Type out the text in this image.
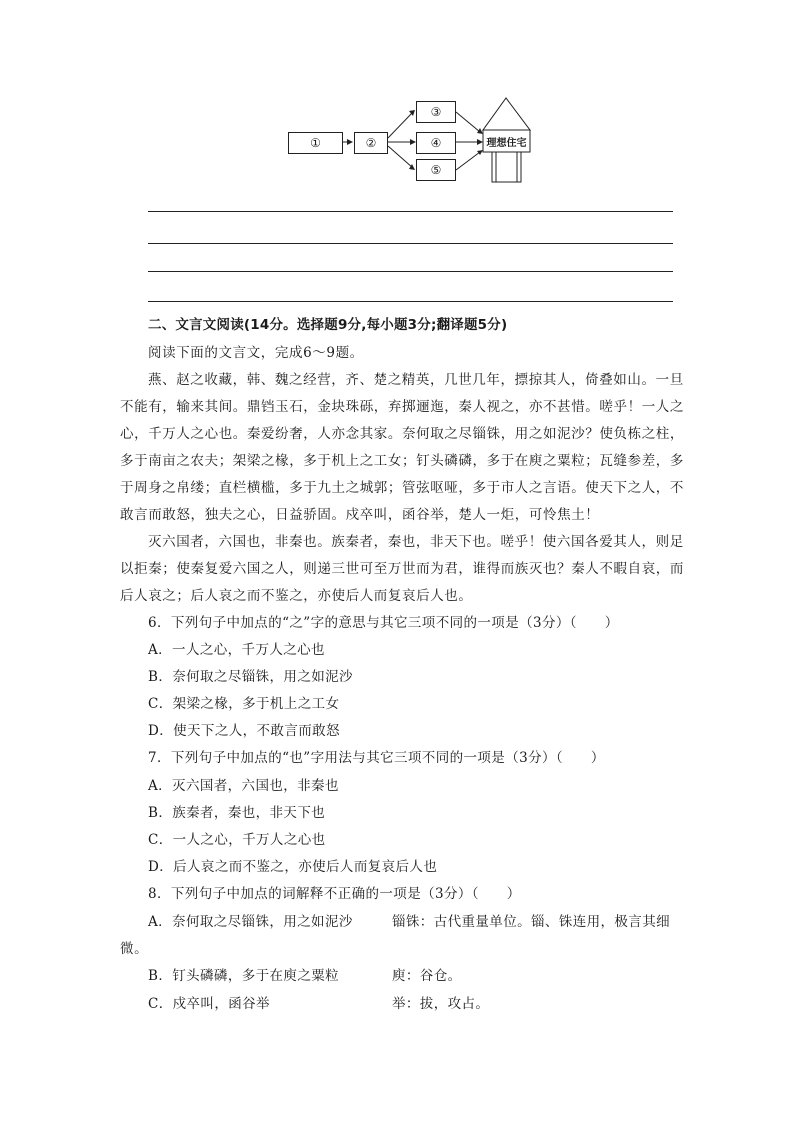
①	②
③
④
⑤
理想住宅
二、文言文阅读(14分。选择题9分,每小题3分;翻译题5分)
阅读下面的文言文，完成6～9题。
燕、赵之收藏，韩、魏之经营，齐、楚之精英，几世几年，摽掠其人，倚叠如山。一旦
不能有，输来其间。鼎铛玉石，金块珠砾，弃掷逦迤，秦人视之，亦不甚惜。嗟乎！一人之
心，千万人之心也。秦爱纷奢，人亦念其家。奈何取之尽锱铢，用之如泥沙？使负栋之柱，
多于南亩之农夫；架梁之椽，多于机上之工女；钉头磷磷，多于在庾之粟粒；瓦缝参差，多
于周身之帛缕；直栏横槛，多于九土之城郭；管弦呕哑，多于市人之言语。使天下之人，不
敢言而敢怒，独夫之心，日益骄固。戍卒叫，函谷举，楚人一炬，可怜焦土！
灭六国者，六国也，非秦也。族秦者，秦也，非天下也。嗟乎！使六国各爱其人，则足
以拒秦；使秦复爱六国之人，则递三世可至万世而为君，谁得而族灭也？秦人不暇自哀，而
后人哀之；后人哀之而不鉴之，亦使后人而复哀后人也。
6．下列句子中加点的“之”字的意思与其它三项不同的一项是（3分）（　　）
A．一人之心，千万人之心也
B．奈何取之尽锱铢，用之如泥沙
C．架梁之椽，多于机上之工女
D．使天下之人，不敢言而敢怒
7．下列句子中加点的“也”字用法与其它三项不同的一项是（3分）（　　）
A．灭六国者，六国也，非秦也
B．族秦者，秦也，非天下也
C．一人之心，千万人之心也
D．后人哀之而不鉴之，亦使后人而复哀后人也
8．下列句子中加点的词解释不正确的一项是（3分）（　　）
A．奈何取之尽锱铢，用之如泥沙	锱铢：古代重量单位。锱、铢连用，极言其细
微。
B．钉头磷磷，多于在庾之粟粒	庾：谷仓。
C．戍卒叫，函谷举	举：拔，攻占。
